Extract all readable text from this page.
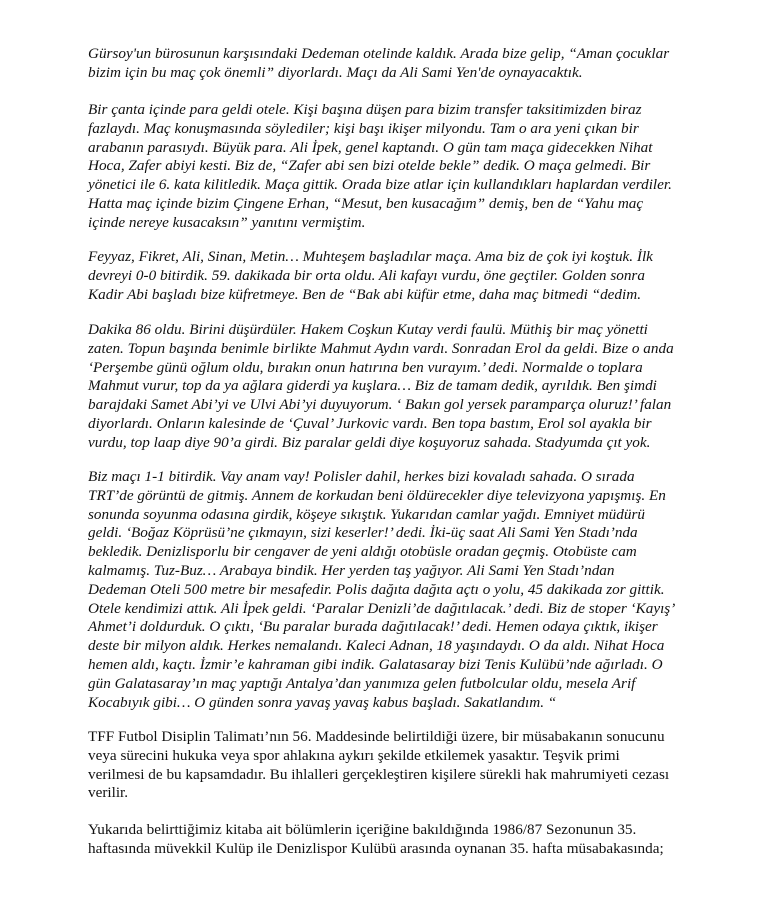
Gürsoy'un bürosunun karşısındaki Dedeman otelinde kaldık. Arada bize gelip, “Aman çocuklar
bizim için bu maç çok önemli” diyorlardı. Maçı da Ali Sami Yen'de oynayacaktık.

Bir çanta içinde para geldi otele. Kişi başına düşen para bizim transfer taksitimizden biraz
fazlaydı. Maç konuşmasında söylediler; kişi başı ikişer milyondu. Tam o ara yeni çıkan bir
arabanın parasıydı. Büyük para. Ali İpek, genel kaptandı. O gün tam maça gidecekken Nihat
Hoca, Zafer abiyi kesti. Biz de, “Zafer abi sen bizi otelde bekle” dedik. O maça gelmedi. Bir
yönetici ile 6. kata kilitledik. Maça gittik. Orada bize atlar için kullandıkları haplardan verdiler.
Hatta maç içinde bizim Çingene Erhan, “Mesut, ben kusacağım” demiş, ben de “Yahu maç
içinde nereye kusacaksın” yanıtını vermiştim.

Feyyaz, Fikret, Ali, Sinan, Metin… Muhteşem başladılar maça. Ama biz de çok iyi koştuk. İlk
devreyi 0-0 bitirdik. 59. dakikada bir orta oldu. Ali kafayı vurdu, öne geçtiler. Golden sonra
Kadir Abi başladı bize küfretmeye. Ben de “Bak abi küfür etme, daha maç bitmedi “dedim.

Dakika 86 oldu. Birini düşürdüler. Hakem Coşkun Kutay verdi faulü. Müthiş bir maç yönetti
zaten. Topun başında benimle birlikte Mahmut Aydın vardı. Sonradan Erol da geldi. Bize o anda
‘Perşembe günü oğlum oldu, bırakın onun hatırına ben vurayım.’ dedi. Normalde o toplara
Mahmut vurur, top da ya ağlara giderdi ya kuşlara… Biz de tamam dedik, ayrıldık. Ben şimdi
barajdaki Samet Abi’yi ve Ulvi Abi’yi duyuyorum. ‘ Bakın gol yersek paramparça oluruz!’ falan
diyorlardı. Onların kalesinde de ‘Çuval’ Jurkovic vardı. Ben topa bastım, Erol sol ayakla bir
vurdu, top laap diye 90’a girdi. Biz paralar geldi diye koşuyoruz sahada. Stadyumda çıt yok.

Biz maçı 1-1 bitirdik. Vay anam vay! Polisler dahil, herkes bizi kovaladı sahada. O sırada
TRT’de görüntü de gitmiş. Annem de korkudan beni öldürecekler diye televizyona yapışmış. En
sonunda soyunma odasına girdik, köşeye sıkıştık. Yukarıdan camlar yağdı. Emniyet müdürü
geldi. ‘Boğaz Köprüsü’ne çıkmayın, sizi keserler!’ dedi. İki-üç saat Ali Sami Yen Stadı’nda
bekledik. Denizlisporlu bir cengaver de yeni aldığı otobüsle oradan geçmiş. Otobüste cam
kalmamış. Tuz-Buz… Arabaya bindik. Her yerden taş yağıyor. Ali Sami Yen Stadı’ndan
Dedeman Oteli 500 metre bir mesafedir. Polis dağıta dağıta açtı o yolu, 45 dakikada zor gittik.
Otele kendimizi attık. Ali İpek geldi. ‘Paralar Denizli’de dağıtılacak.’ dedi. Biz de stoper ‘Kayış’
Ahmet’i doldurduk. O çıktı, ‘Bu paralar burada dağıtılacak!’ dedi. Hemen odaya çıktık, ikişer
deste bir milyon aldık. Herkes nemalandı. Kaleci Adnan, 18 yaşındaydı. O da aldı. Nihat Hoca
hemen aldı, kaçtı. İzmir’e kahraman gibi indik. Galatasaray bizi Tenis Kulübü’nde ağırladı. O
gün Galatasaray’ın maç yaptığı Antalya’dan yanımıza gelen futbolcular oldu, mesela Arif
Kocabıyık gibi… O günden sonra yavaş yavaş kabus başladı. Sakatlandım. “

TFF Futbol Disiplin Talimatı’nın 56. Maddesinde belirtildiği üzere, bir müsabakanın sonucunu
veya sürecini hukuka veya spor ahlakına aykırı şekilde etkilemek yasaktır. Teşvik primi
verilmesi de bu kapsamdadır. Bu ihlalleri gerçekleştiren kişilere sürekli hak mahrumiyeti cezası
verilir.

Yukarıda belirttiğimiz kitaba ait bölümlerin içeriğine bakıldığında 1986/87 Sezonunun 35.
haftasında müvekkil Kulüp ile Denizlispor Kulübü arasında oynanan 35. hafta müsabakasında;
